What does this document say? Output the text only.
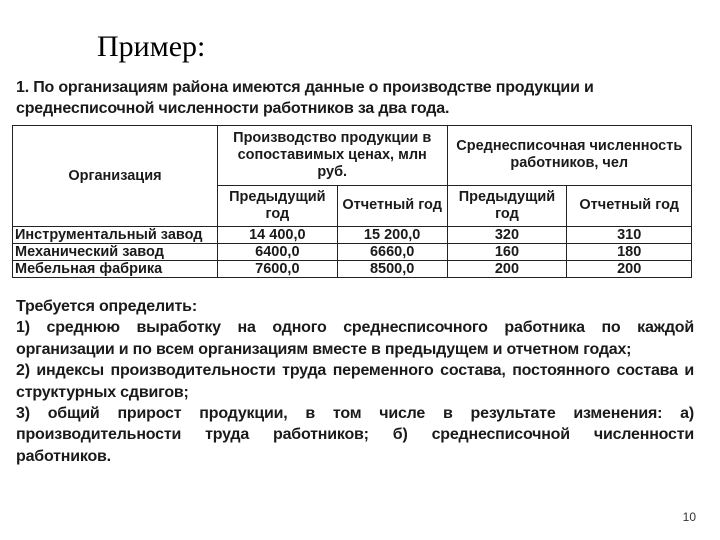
Пример:
1. По организациям района имеются данные о производстве продукции и среднесписочной численности работников за два года.
Организация	Производство продукции в сопоставимых ценах, млн руб.		Среднесписочная численность работников, чел	
	Предыдущий год	Отчетный год	Предыдущий год	Отчетный год
Инструментальный завод	14 400,0	15 200,0	320	310
Механический завод	6400,0	6660,0	160	180
Мебельная фабрика	7600,0	8500,0	200	200

Требуется определить:

1) среднюю выработку на одного среднесписочного работника по каждой организации и по всем организациям вместе в предыдущем и отчетном годах;

2) индексы производительности труда переменного состава, постоянного состава и структурных сдвигов;

3) общий прирост продукции, в том числе в результате изменения: а) производительности труда работников; б) среднесписочной численности работников.

10
